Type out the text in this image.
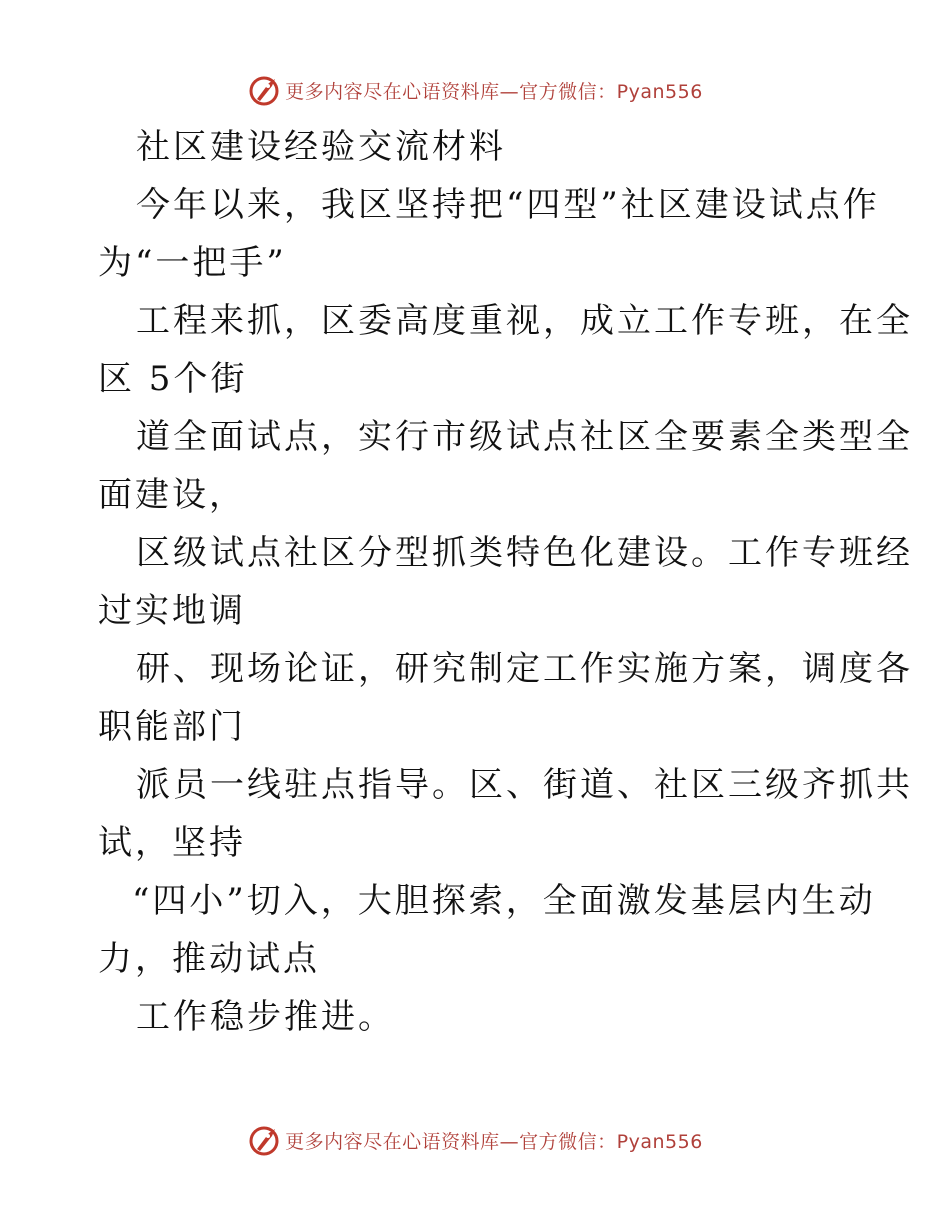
更多内容尽在心语资料库—官方微信：Pyan556
社区建设经验交流材料
今年以来，我区坚持把“四型”社区建设试点作
为“一把手”
工程来抓，区委高度重视，成立工作专班，在全
区 5个街
道全面试点，实行市级试点社区全要素全类型全
面建设，
区级试点社区分型抓类特色化建设。工作专班经
过实地调
研、现场论证，研究制定工作实施方案，调度各
职能部门
派员一线驻点指导。区、街道、社区三级齐抓共
试，坚持
“四小”切入，大胆探索，全面激发基层内生动
力，推动试点
工作稳步推进。
更多内容尽在心语资料库—官方微信：Pyan556
